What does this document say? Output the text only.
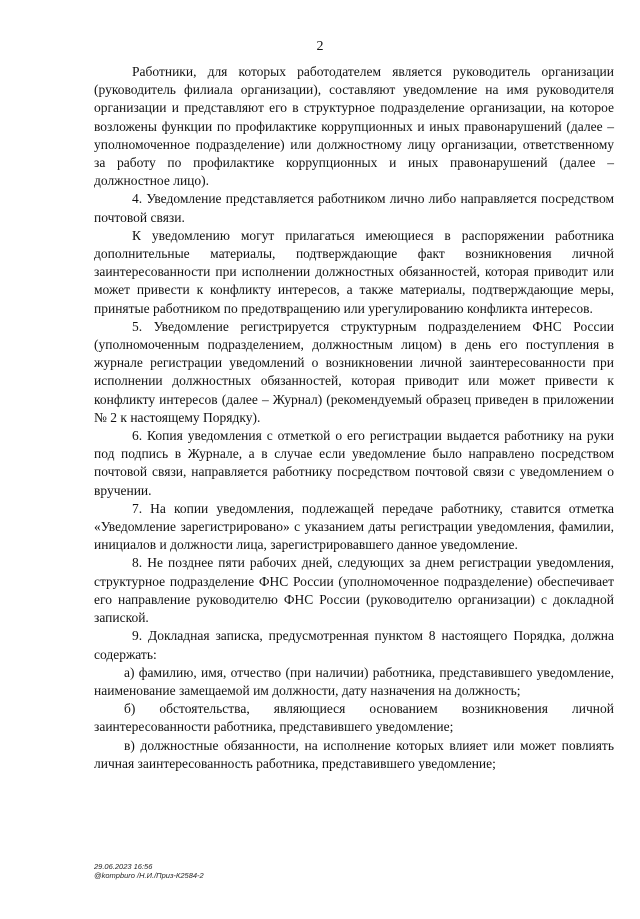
2

Работники, для которых работодателем является руководитель организации (руководитель филиала организации), составляют уведомление на имя руководителя организации и представляют его в структурное подразделение организации, на которое возложены функции по профилактике коррупционных и иных правонарушений (далее – уполномоченное подразделение) или должностному лицу организации, ответственному за работу по профилактике коррупционных и иных правонарушений (далее – должностное лицо).

4. Уведомление представляется работником лично либо направляется посредством почтовой связи.

К уведомлению могут прилагаться имеющиеся в распоряжении работника дополнительные материалы, подтверждающие факт возникновения личной заинтересованности при исполнении должностных обязанностей, которая приводит или может привести к конфликту интересов, а также материалы, подтверждающие меры, принятые работником по предотвращению или урегулированию конфликта интересов.

5. Уведомление регистрируется структурным подразделением ФНС России (уполномоченным подразделением, должностным лицом) в день его поступления в журнале регистрации уведомлений о возникновении личной заинтересованности при исполнении должностных обязанностей, которая приводит или может привести к конфликту интересов (далее – Журнал) (рекомендуемый образец приведен в приложении № 2 к настоящему Порядку).

6. Копия уведомления с отметкой о его регистрации выдается работнику на руки под подпись в Журнале, а в случае если уведомление было направлено посредством почтовой связи, направляется работнику посредством почтовой связи с уведомлением о вручении.

7. На копии уведомления, подлежащей передаче работнику, ставится отметка «Уведомление зарегистрировано» с указанием даты регистрации уведомления, фамилии, инициалов и должности лица, зарегистрировавшего данное уведомление.

8. Не позднее пяти рабочих дней, следующих за днем регистрации уведомления, структурное подразделение ФНС России (уполномоченное подразделение) обеспечивает его направление руководителю ФНС России (руководителю организации) с докладной запиской.

9. Докладная записка, предусмотренная пунктом 8 настоящего Порядка, должна содержать:

а) фамилию, имя, отчество (при наличии) работника, представившего уведомление, наименование замещаемой им должности, дату назначения на должность;

б) обстоятельства, являющиеся основанием возникновения личной заинтересованности работника, представившего уведомление;

в) должностные обязанности, на исполнение которых влияет или может повлиять личная заинтересованность работника, представившего уведомление;

29.06.2023 16:56
@kompburo /Н.И./Приз-К2584-2
